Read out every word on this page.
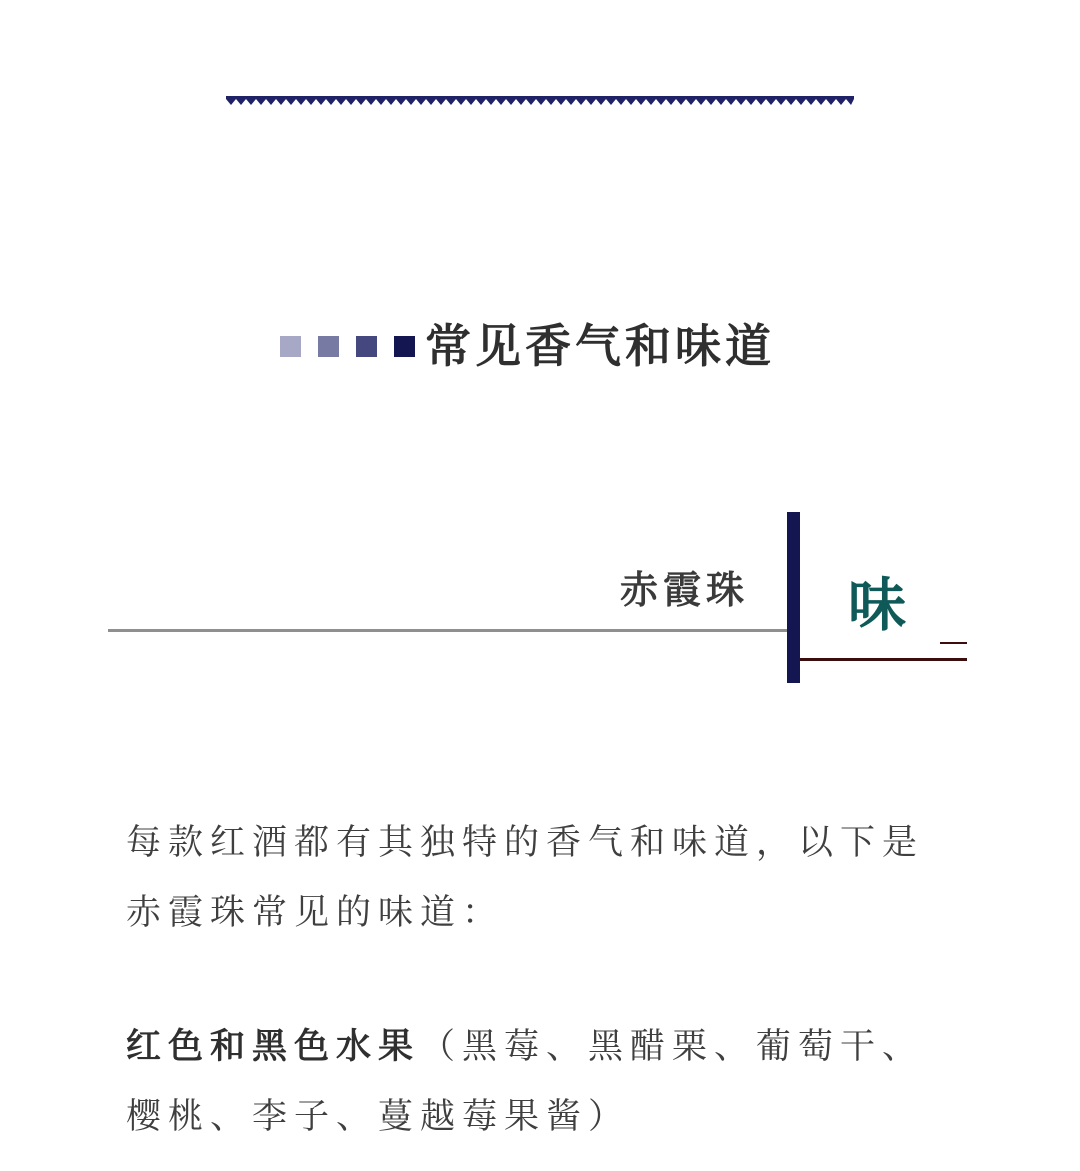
常见香气和味道
赤霞珠 味

每款红酒都有其独特的香气和味道，以下是赤霞珠常见的味道：

红色和黑色水果（黑莓、黑醋栗、葡萄干、樱桃、李子、蔓越莓果酱）
